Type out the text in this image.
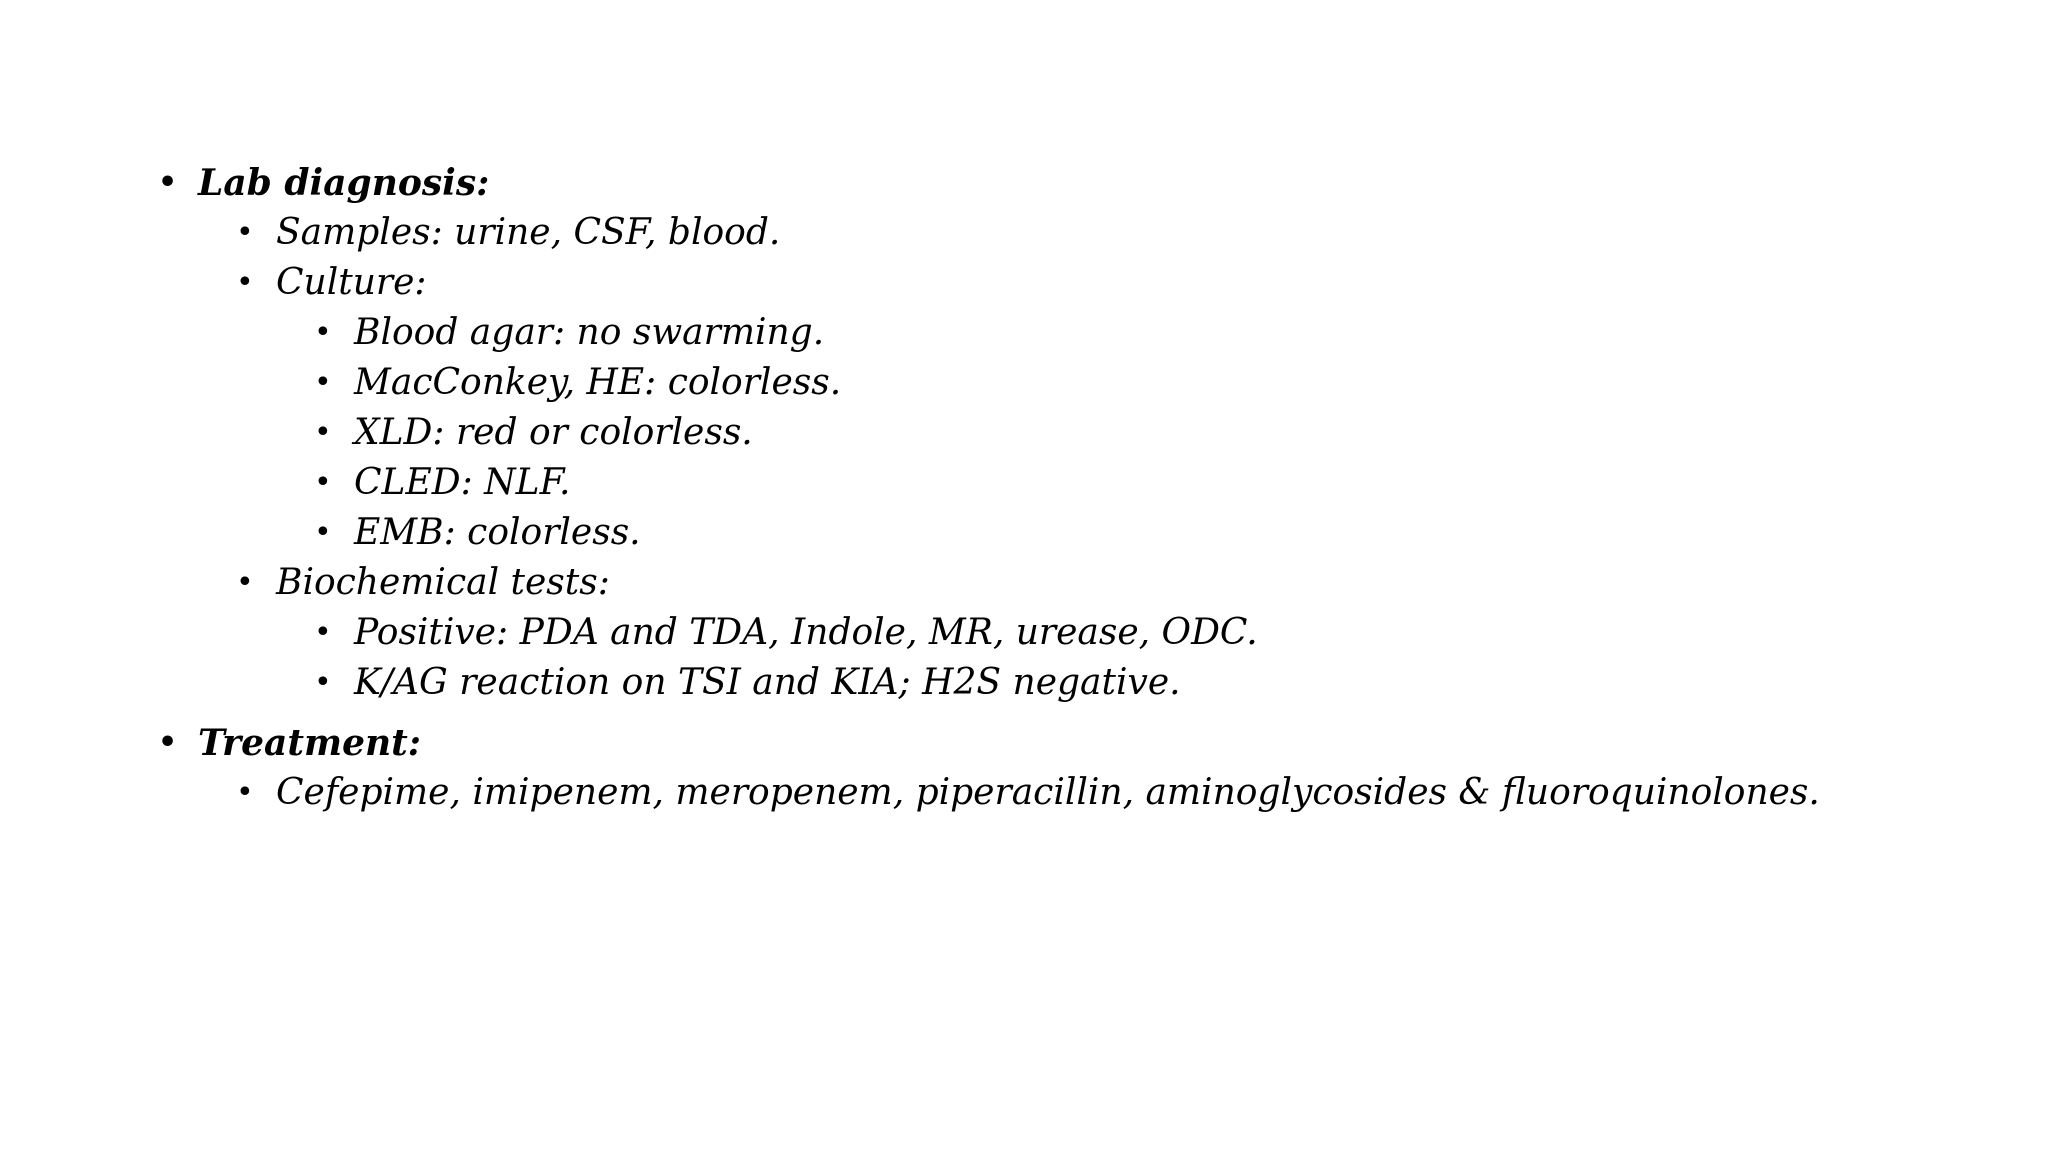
• Lab diagnosis:
• Samples: urine, CSF, blood.
• Culture:
• Blood agar: no swarming.
• MacConkey, HE: colorless.
• XLD: red or colorless.
• CLED: NLF.
• EMB: colorless.
• Biochemical tests:
• Positive: PDA and TDA, Indole, MR, urease, ODC.
• K/AG reaction on TSI and KIA; H2S negative.
• Treatment:
• Cefepime, imipenem, meropenem, piperacillin, aminoglycosides & fluoroquinolones.
